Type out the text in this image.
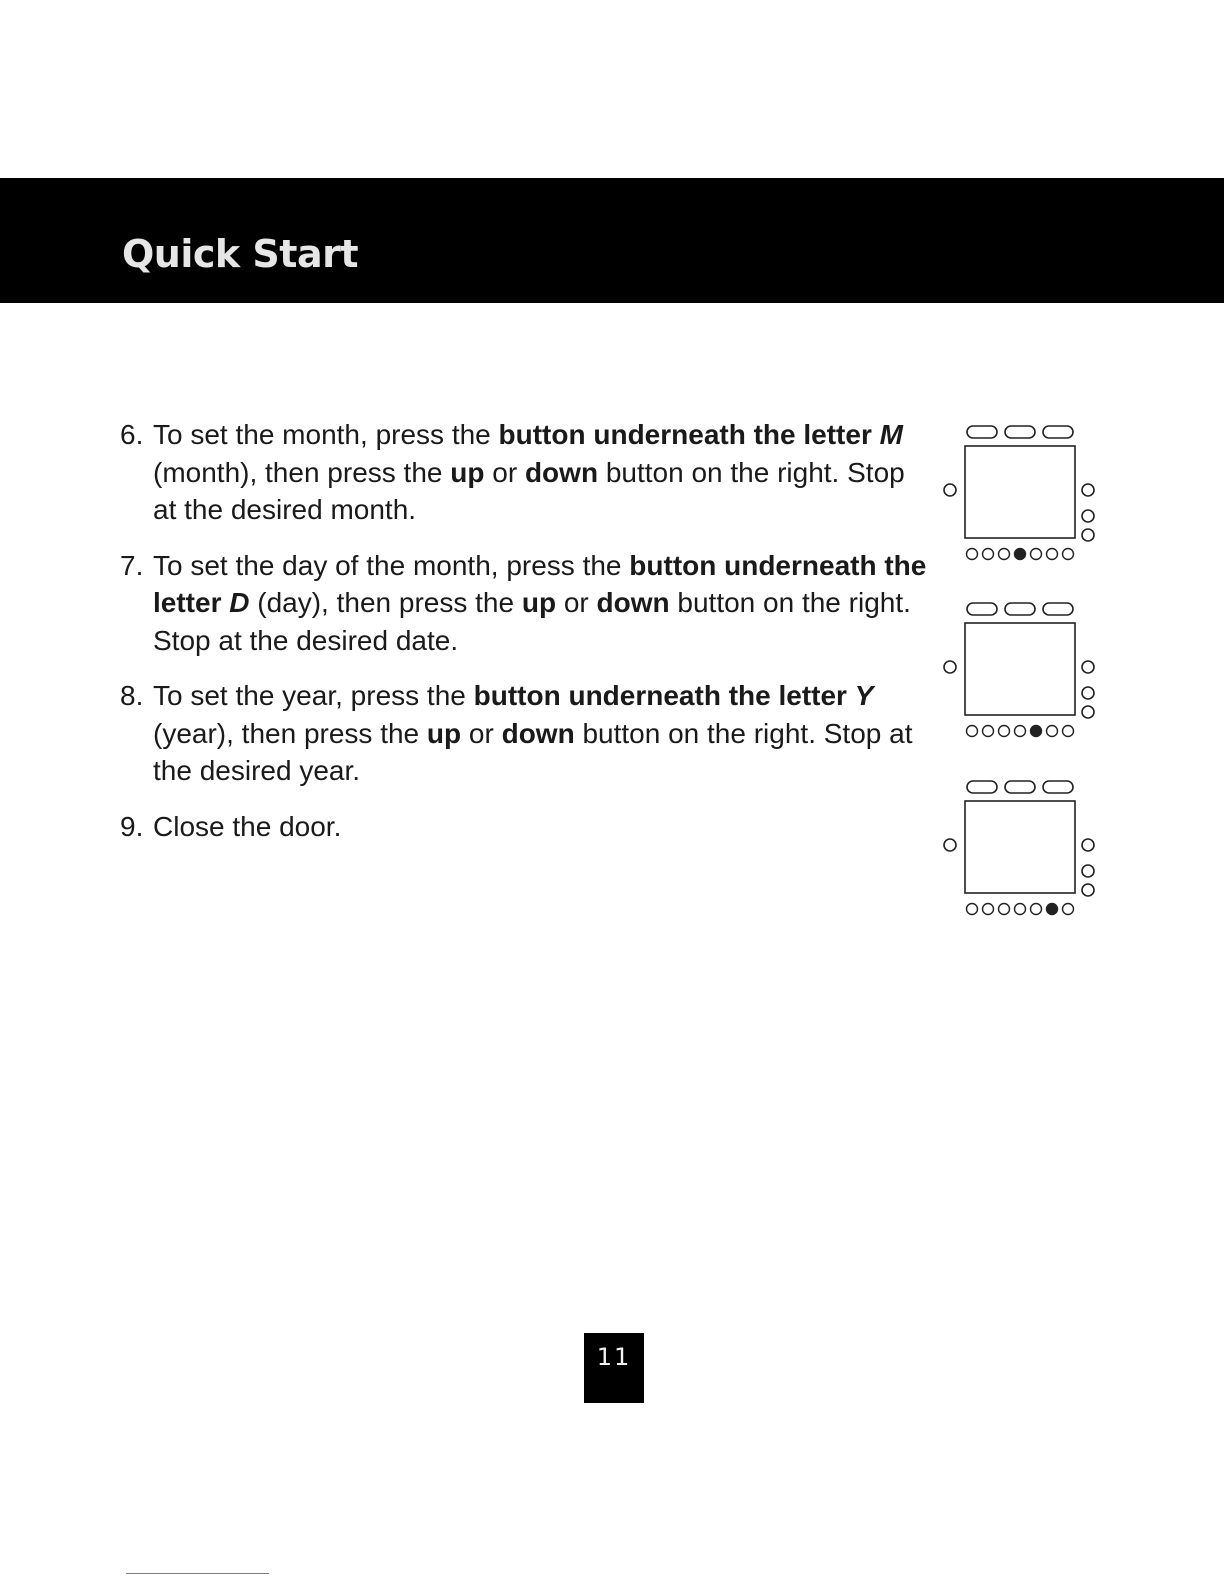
Quick Start

6. To set the month, press the button underneath the letter M (month), then press the up or down button on the right. Stop at the desired month.

7. To set the day of the month, press the button underneath the letter D (day), then press the up or down button on the right. Stop at the desired date.

8. To set the year, press the button underneath the letter Y (year), then press the up or down button on the right. Stop at the desired year.

9. Close the door.

11
